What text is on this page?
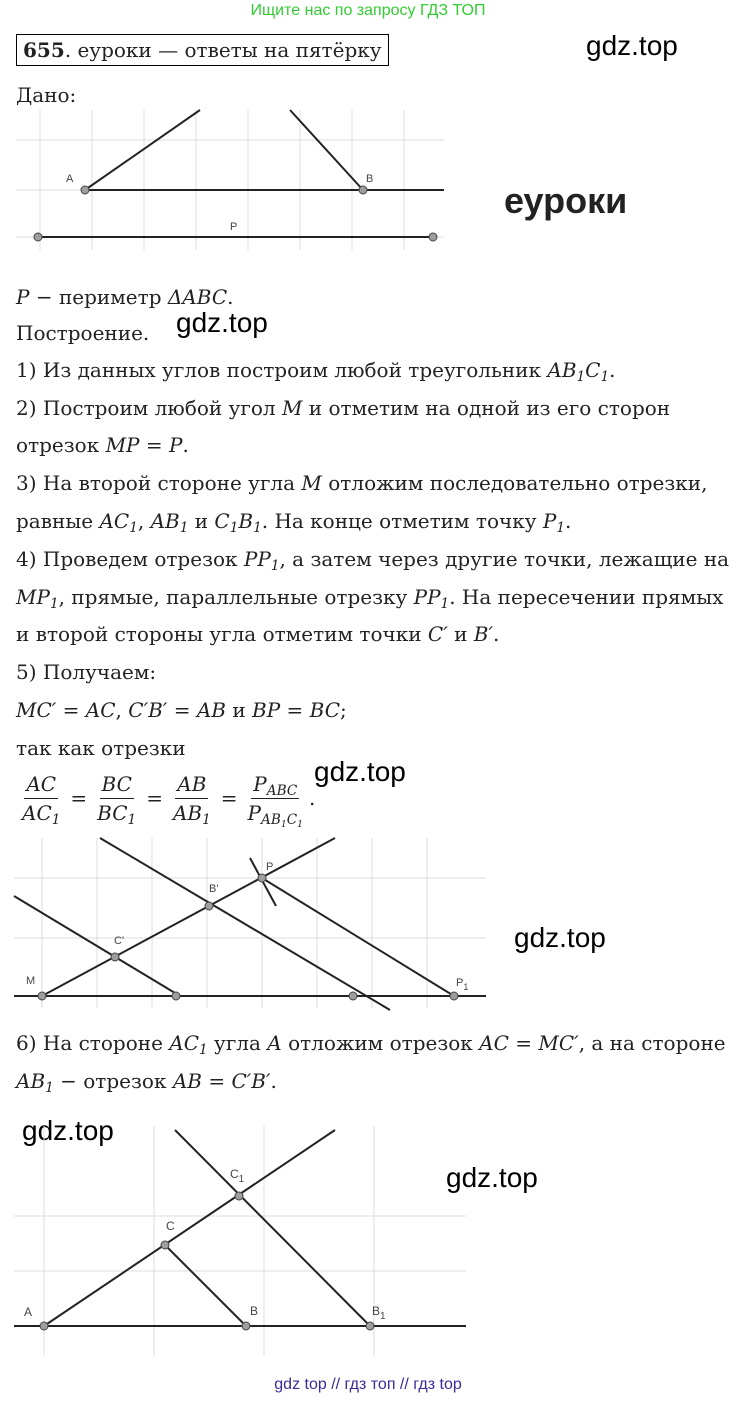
Ищите нас по запросу ГДЗ ТОП
655. еуроки — ответы на пятёрку	gdz.top
Дано:
A	B
P
еуроки
P − периметр ΔABC.
Построение. gdz.top
1) Из данных углов построим любой треугольник $AB_1C_1$.
2) Построим любой угол M и отметим на одной из его сторон
отрезок MP = P.
3) На второй стороне угла M отложим последовательно отрезки,
равные $AC_1$, $AB_1$ и $C_1B_1$. На конце отметим точку $P_1$.
4) Проведем отрезок $PP_1$, а затем через другие точки, лежащие на
$MP_1$, прямые, параллельные отрезку $PP_1$. На пересечении прямых
и второй стороны угла отметим точки C′ и B′.
5) Получаем:
MC′ = AC, C′B′ = AB и BP = BC;
так как отрезки
$\frac{AC}{AC_1} = \frac{BC}{BC_1} = \frac{AB}{AB_1} = \frac{P_{ABC}}{P_{AB_1C_1}}$ .
gdz.top
M
C'
B'
P
$P_1$
gdz.top
6) На стороне $AC_1$ угла A отложим отрезок AC = MC′, а на стороне
$AB_1$ − отрезок AB = C′B′.
gdz.top
gdz.top
A
C
$C_1$
B	$B_1$
gdz top // гдз топ // гдз top
